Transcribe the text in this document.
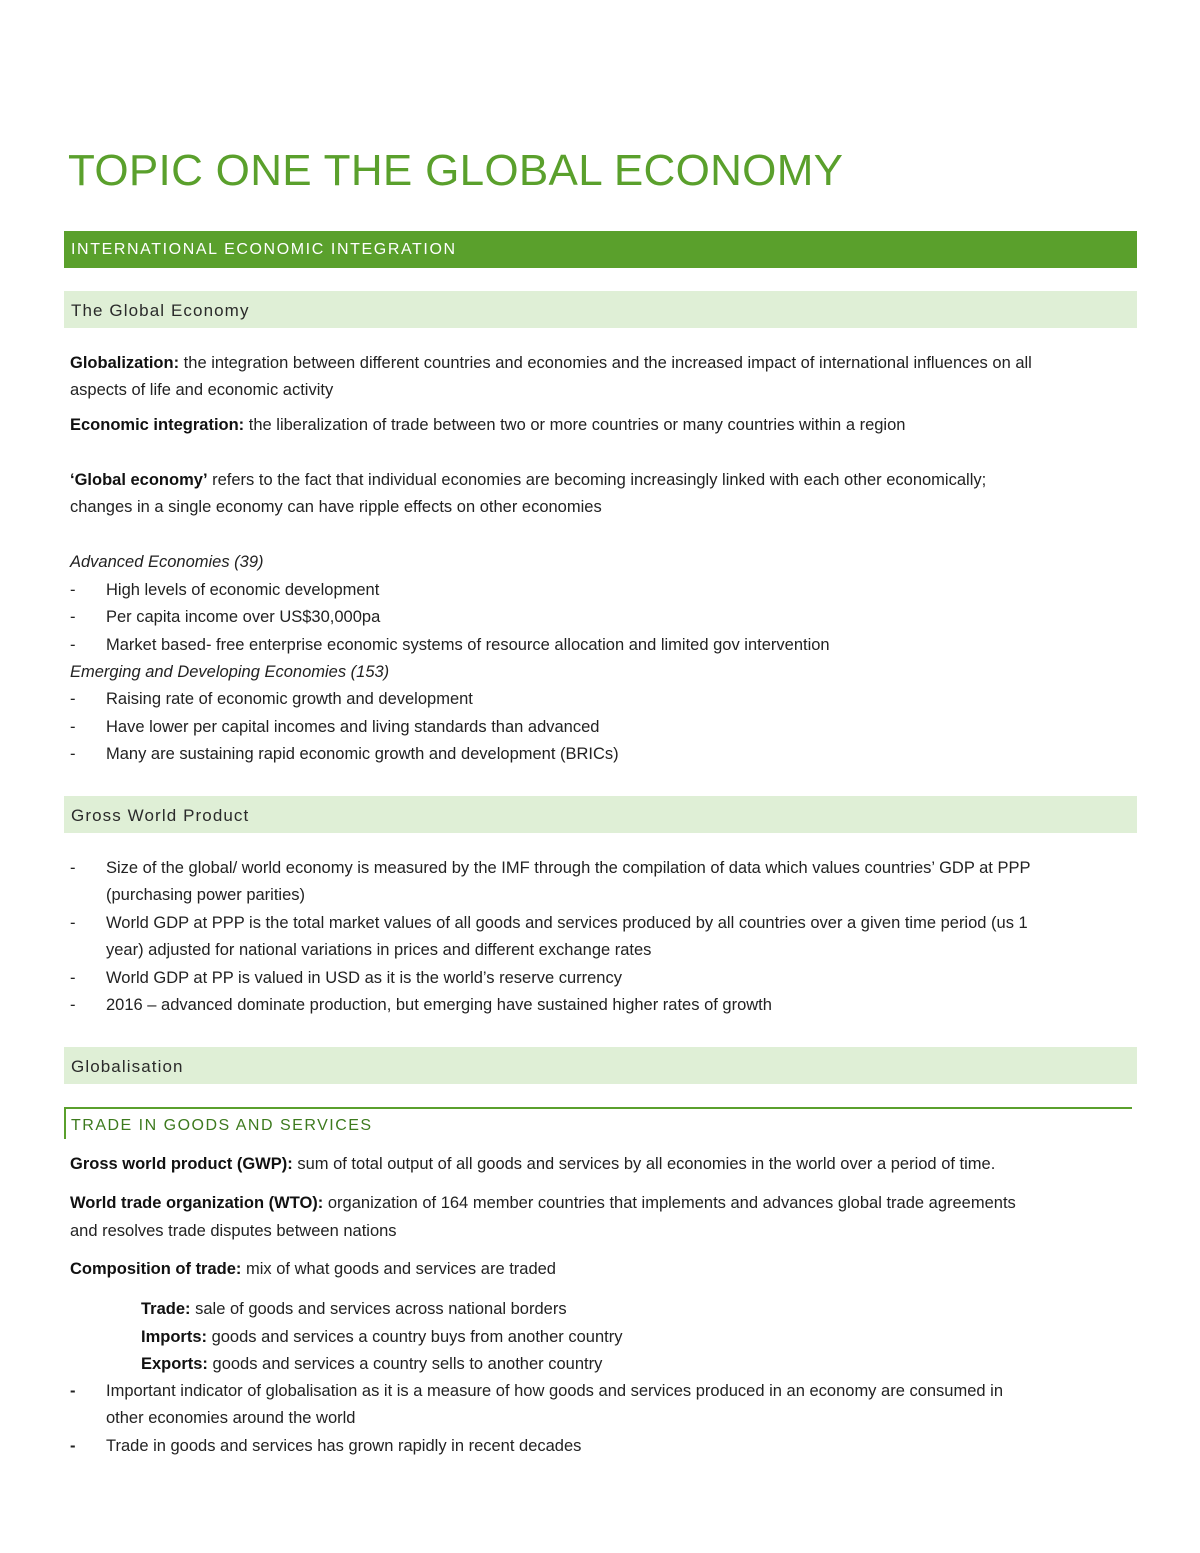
TOPIC ONE THE GLOBAL ECONOMY
INTERNATIONAL ECONOMIC INTEGRATION
The Global Economy
Globalization: the integration between different countries and economies and the increased impact of international influences on all
aspects of life and economic activity
Economic integration: the liberalization of trade between two or more countries or many countries within a region
‘Global economy’ refers to the fact that individual economies are becoming increasingly linked with each other economically;
changes in a single economy can have ripple effects on other economies
Advanced Economies (39)
- High levels of economic development
- Per capita income over US$30,000pa
- Market based- free enterprise economic systems of resource allocation and limited gov intervention
Emerging and Developing Economies (153)
- Raising rate of economic growth and development
- Have lower per capital incomes and living standards than advanced
- Many are sustaining rapid economic growth and development (BRICs)
Gross World Product
- Size of the global/ world economy is measured by the IMF through the compilation of data which values countries’ GDP at PPP
(purchasing power parities)
- World GDP at PPP is the total market values of all goods and services produced by all countries over a given time period (us 1
year) adjusted for national variations in prices and different exchange rates
- World GDP at PP is valued in USD as it is the world’s reserve currency
- 2016 – advanced dominate production, but emerging have sustained higher rates of growth
Globalisation
TRADE IN GOODS AND SERVICES
Gross world product (GWP): sum of total output of all goods and services by all economies in the world over a period of time.
World trade organization (WTO): organization of 164 member countries that implements and advances global trade agreements
and resolves trade disputes between nations
Composition of trade: mix of what goods and services are traded
Trade: sale of goods and services across national borders
Imports: goods and services a country buys from another country
Exports: goods and services a country sells to another country
- Important indicator of globalisation as it is a measure of how goods and services produced in an economy are consumed in
other economies around the world
- Trade in goods and services has grown rapidly in recent decades
